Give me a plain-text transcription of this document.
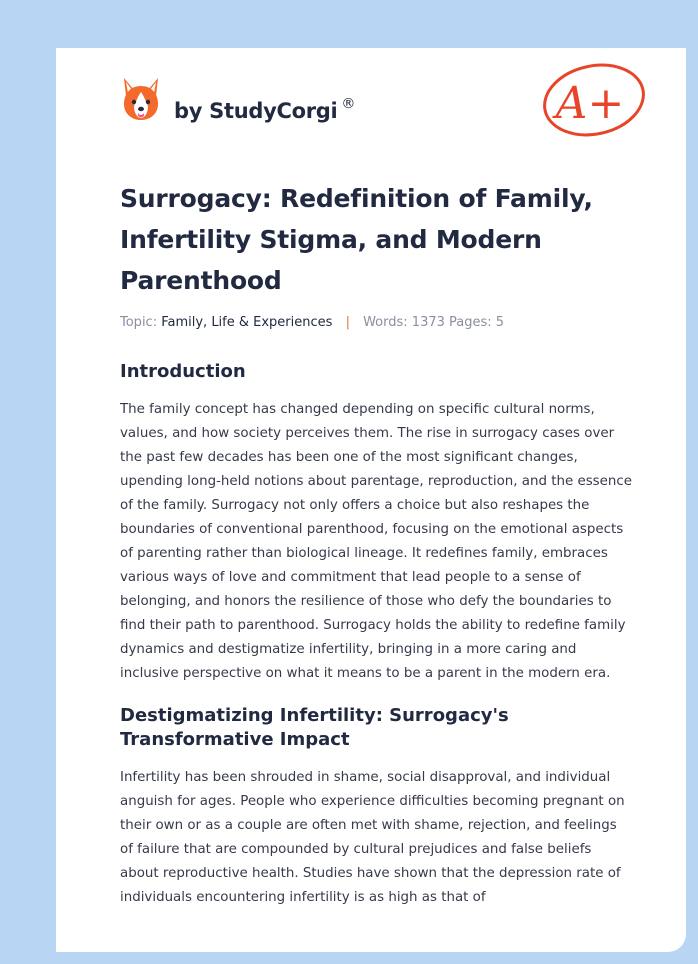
by StudyCorgi ®	A+
Surrogacy: Redefinition of Family, Infertility Stigma, and Modern Parenthood
Topic: Family, Life & Experiences | Words: 1373 Pages: 5
Introduction

The family concept has changed depending on specific cultural norms, values, and how society perceives them. The rise in surrogacy cases over the past few decades has been one of the most significant changes, upending long-held notions about parentage, reproduction, and the essence of the family. Surrogacy not only offers a choice but also reshapes the boundaries of conventional parenthood, focusing on the emotional aspects of parenting rather than biological lineage. It redefines family, embraces various ways of love and commitment that lead people to a sense of belonging, and honors the resilience of those who defy the boundaries to find their path to parenthood. Surrogacy holds the ability to redefine family dynamics and destigmatize infertility, bringing in a more caring and inclusive perspective on what it means to be a parent in the modern era.

Destigmatizing Infertility: Surrogacy's Transformative Impact

Infertility has been shrouded in shame, social disapproval, and individual anguish for ages. People who experience difficulties becoming pregnant on their own or as a couple are often met with shame, rejection, and feelings of failure that are compounded by cultural prejudices and false beliefs about reproductive health. Studies have shown that the depression rate of individuals encountering infertility is as high as that of
